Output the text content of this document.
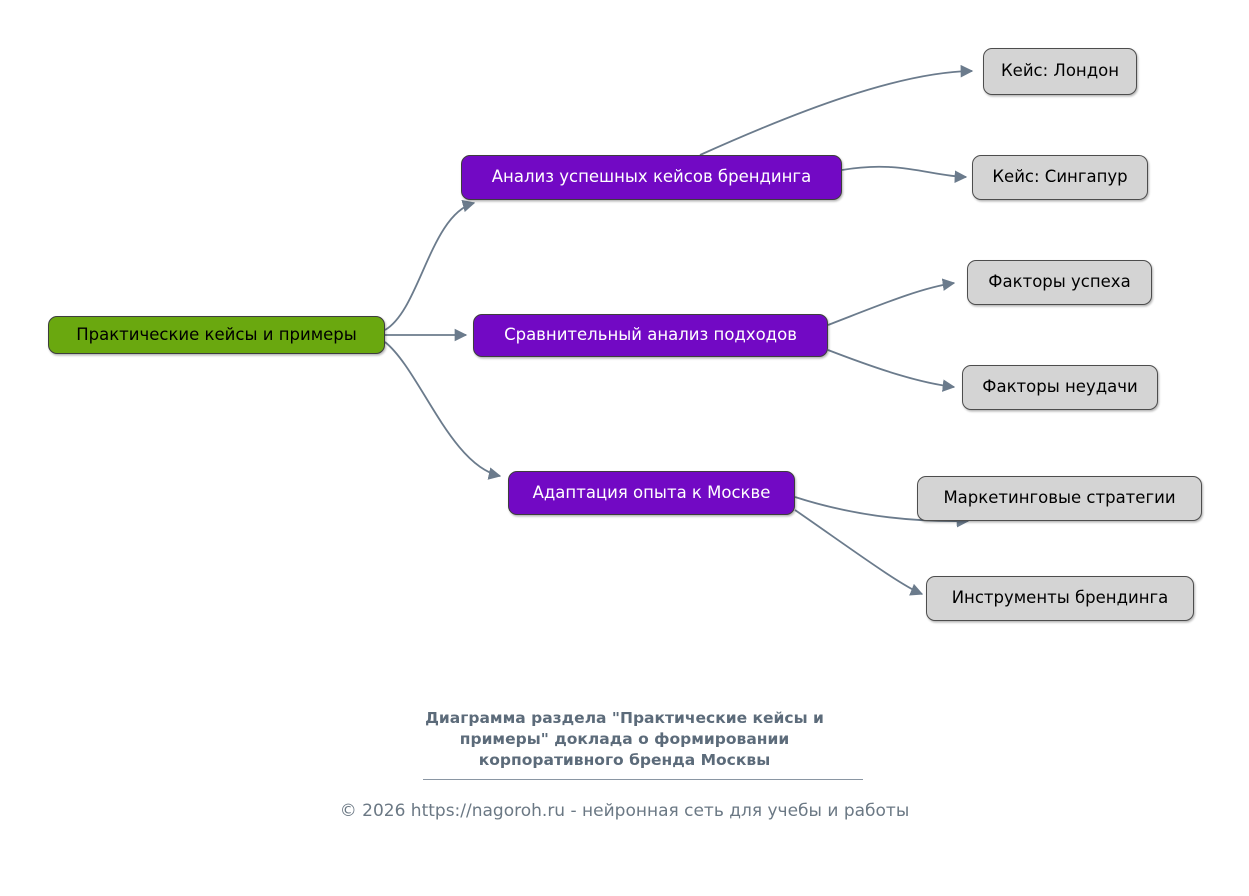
Практические кейсы и примеры
Анализ успешных кейсов брендинга
Сравнительный анализ подходов
Адаптация опыта к Москве
Кейс: Лондон
Кейс: Сингапур
Факторы успеха
Факторы неудачи
Маркетинговые стратегии
Инструменты брендинга
Диаграмма раздела "Практические кейсы и
примеры" доклада о формировании
корпоративного бренда Москвы
© 2026 https://nagoroh.ru - нейронная сеть для учебы и работы
